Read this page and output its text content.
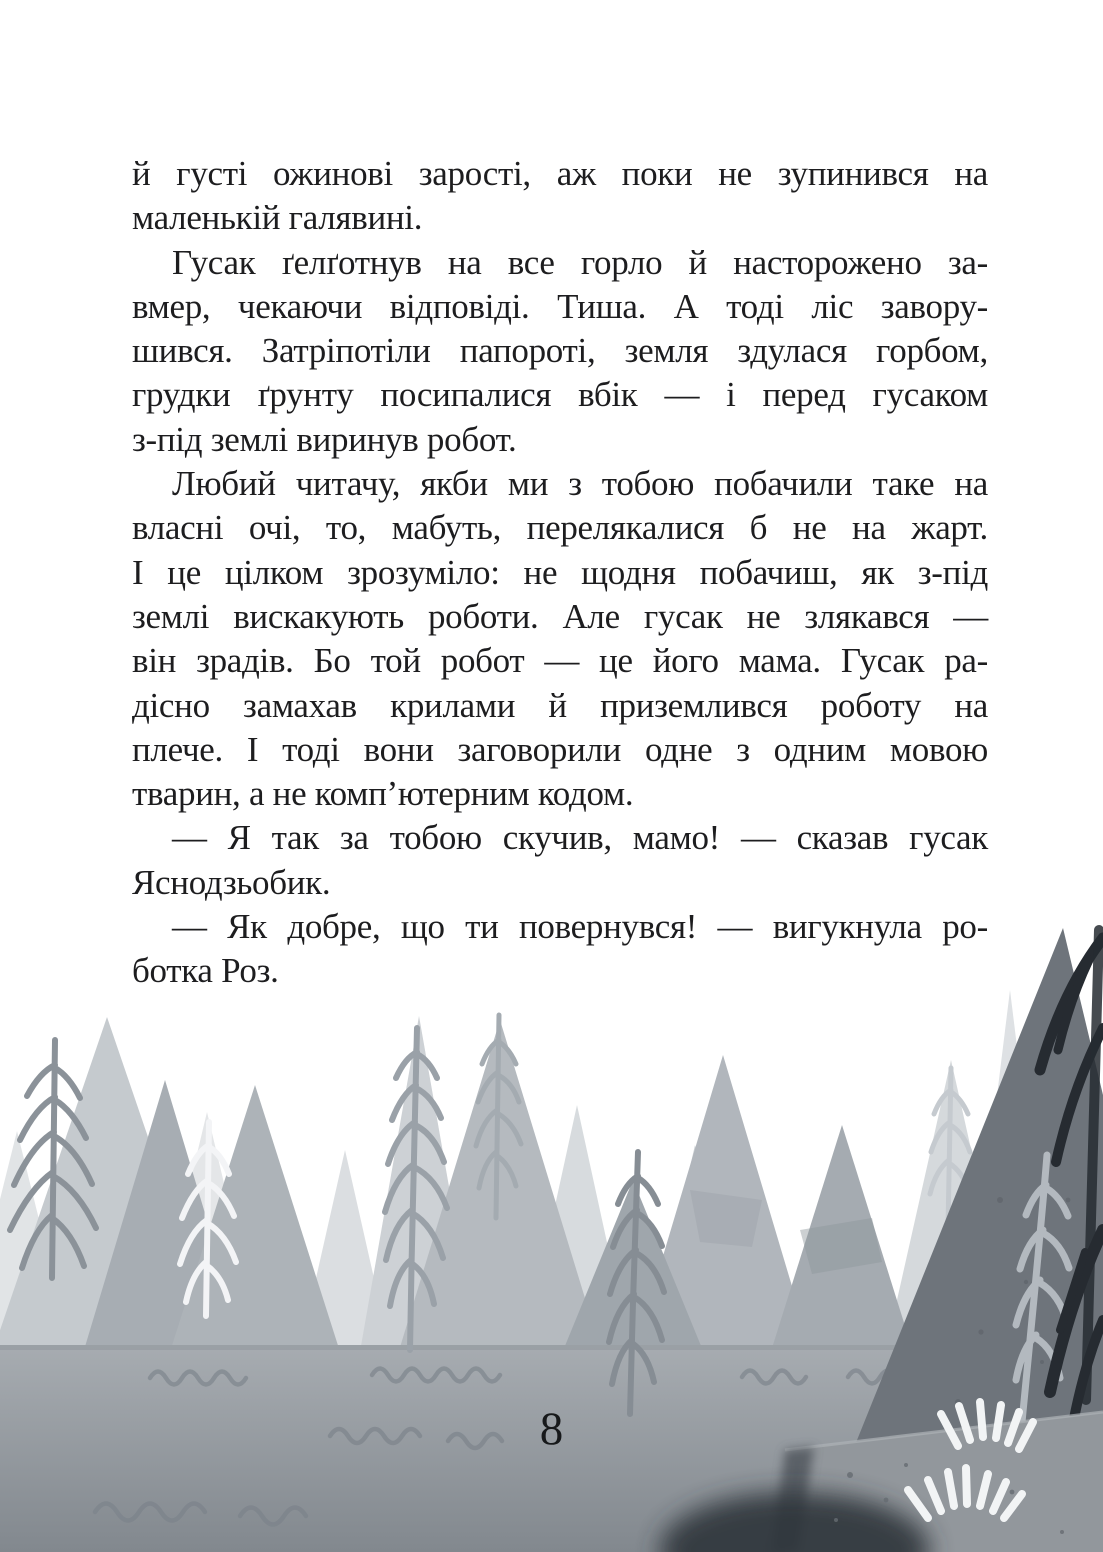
й густі ожинові зарості, аж поки не зупинився на
маленькій галявині.
Гусак ґелґотнув на все горло й насторожено за-
вмер, чекаючи відповіді. Тиша. А тоді ліс завору-
шився. Затріпотіли папороті, земля здулася горбом,
грудки ґрунту посипалися вбік — і перед гусаком
з-під землі виринув робот.
Любий читачу, якби ми з тобою побачили таке на
власні очі, то, мабуть, перелякалися б не на жарт.
І це цілком зрозуміло: не щодня побачиш, як з-під
землі вискакують роботи. Але гусак не злякався —
він зрадів. Бо той робот — це його мама. Гусак ра-
дісно замахав крилами й приземлився роботу на
плече. І тоді вони заговорили одне з одним мовою
тварин, а не комп’ютерним кодом.
— Я так за тобою скучив, мамо! — сказав гусак
Яснодзьобик.
— Як добре, що ти повернувся! — вигукнула ро-
ботка Роз.
8
